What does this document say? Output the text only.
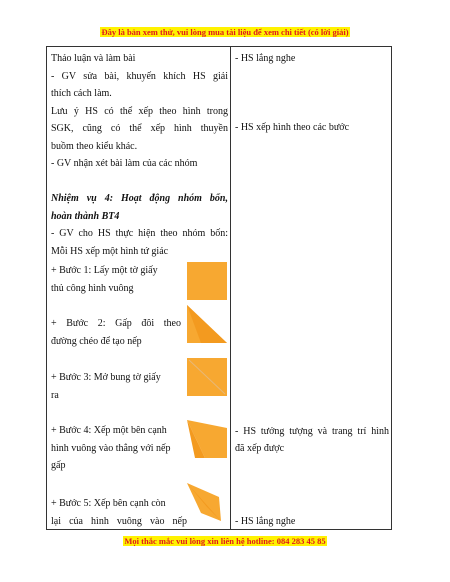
Đây là bản xem thử, vui lòng mua tài liệu để xem chi tiết (có lời giải)
Thảo luận và làm bài
- GV sửa bài, khuyến khích HS giải
thích cách làm.
Lưu ý HS có thể xếp theo hình trong
SGK, cũng có thể xếp hình thuyền
buồm theo kiểu khác.
- GV nhận xét bài làm của các nhóm
Nhiệm vụ 4: Hoạt động nhóm bốn,
hoàn thành BT4
- GV cho HS thực hiện theo nhóm bốn:
Mỗi HS xếp một hình tứ giác
+ Bước 1: Lấy một tờ giấy
thủ công hình vuông
+ Bước 2: Gấp đôi theo
đường chéo để tạo nếp
+ Bước 3: Mở bung tờ giấy
ra
+ Bước 4: Xếp một bên cạnh
hình vuông vào thẳng với nếp
gấp
+ Bước 5: Xếp bên cạnh còn
lại của hình vuông vào nếp
- HS lắng nghe
- HS xếp hình theo các bước
- HS tưởng tượng và trang trí hình
đã xếp được
- HS lắng nghe
Mọi thắc mắc vui lòng xin liên hệ hotline: 084 283 45 85
